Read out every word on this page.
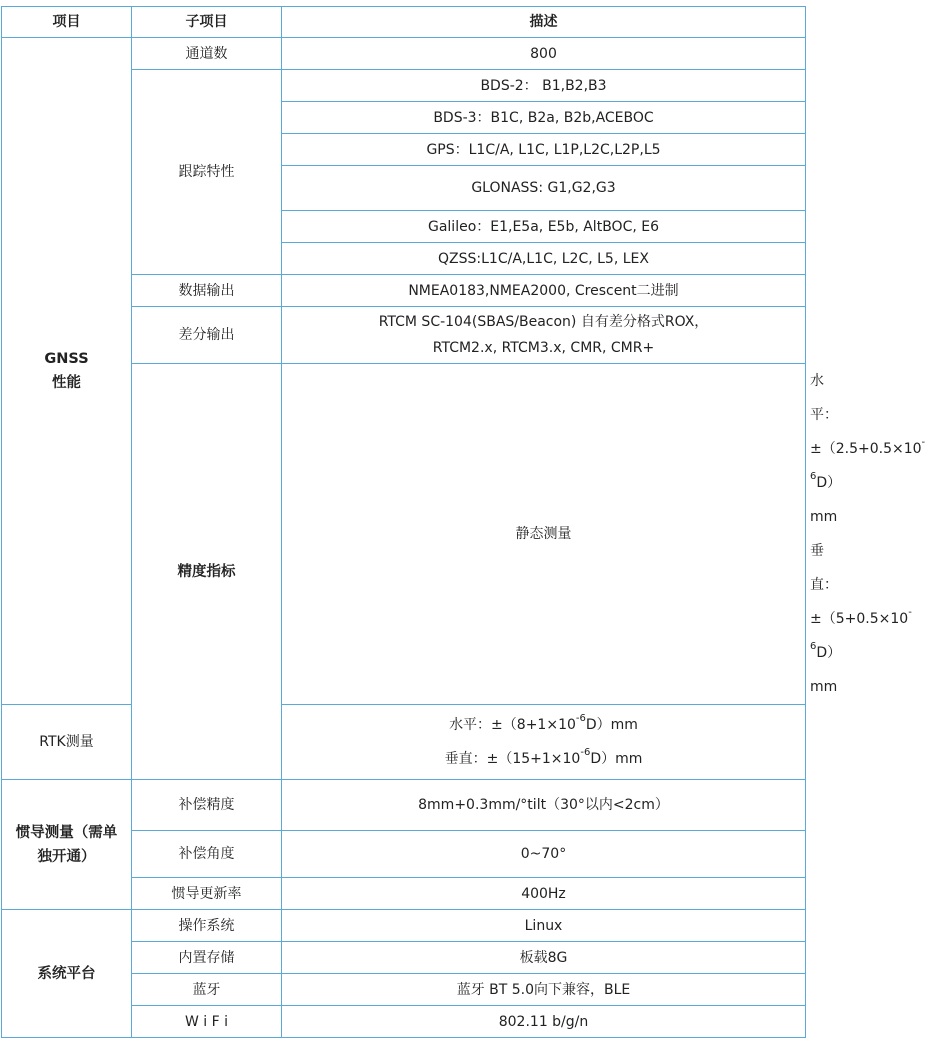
项目	子项目	描述	

GNSS
性能	通道数	800	
	跟踪特性	BDS-2： B1,B2,B3	
		BDS-3：B1C, B2a, B2b,ACEBOC	
		GPS：L1C/A, L1C, L1P,L2C,L2P,L5	
		GLONASS: G1,G2,G3	
		Galileo：E1,E5a, E5b, AltBOC, E6	
		QZSS:L1C/A,L1C, L2C, L5, LEX	
	数据输出	NMEA0183,NMEA2000, Crescent二进制	
	差分输出	RTCM SC-104(SBAS/Beacon) 自有差分格式ROX，
RTCM2.x, RTCM3.x, CMR, CMR+	

	精度指标	静态测量	水平：$\pm(2.5+0.5\times 10^{-6}D)mm$
垂直：$\pm(5+0.5\times 10^{-6}D)mm$

RTK测量		水平：$\pm(8+1\times 10^{-6}D)mm$
垂直：$\pm(15+1\times 10^{-6}D)mm$	

惯导测量（需单
独开通）	补偿精度	8mm+0.3mm/°tilt（30°以内<2cm）	
	补偿角度	0~70°	
	惯导更新率	400Hz	
系统平台	操作系统	Linux	
	内置存储	板载8G	
	蓝牙	蓝牙 BT 5.0向下兼容，BLE	
	W i F i	802.11 b/g/n	
